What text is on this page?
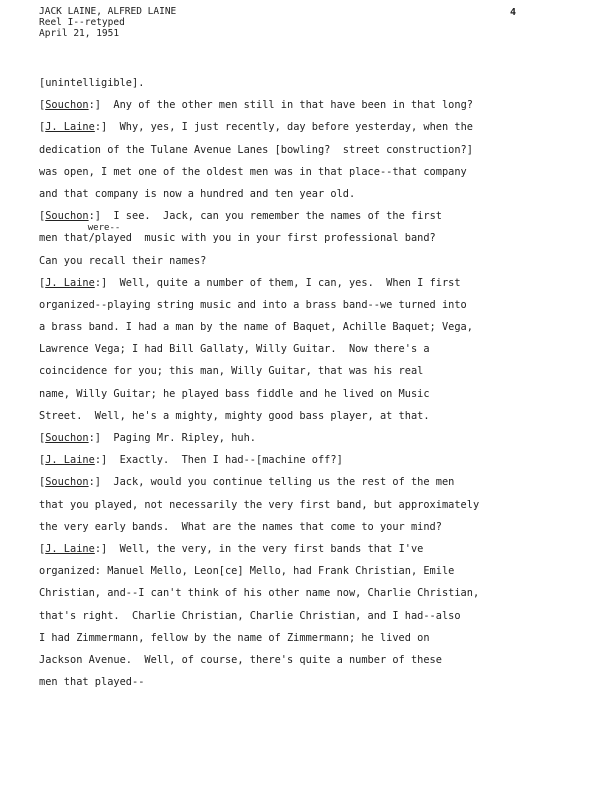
JACK LAINE, ALFRED LAINE
Reel I--retyped
April 21, 1951
4
[unintelligible].
[Souchon:]  Any of the other men still in that have been in that long?
[J. Laine:]  Why, yes, I just recently, day before yesterday, when the
dedication of the Tulane Avenue Lanes [bowling?  street construction?]
was open, I met one of the oldest men was in that place--that company
and that company is now a hundred and ten year old.
[Souchon:]  I see.  Jack, can you remember the names of the first
were--
men that/played  music with you in your first professional band?
Can you recall their names?
[J. Laine:]  Well, quite a number of them, I can, yes.  When I first
organized--playing string music and into a brass band--we turned into
a brass band. I had a man by the name of Baquet, Achille Baquet; Vega,
Lawrence Vega; I had Bill Gallaty, Willy Guitar.  Now there's a
coincidence for you; this man, Willy Guitar, that was his real
name, Willy Guitar; he played bass fiddle and he lived on Music
Street.  Well, he's a mighty, mighty good bass player, at that.
[Souchon:]  Paging Mr. Ripley, huh.
[J. Laine:]  Exactly.  Then I had--[machine off?]
[Souchon:]  Jack, would you continue telling us the rest of the men
that you played, not necessarily the very first band, but approximately
the very early bands.  What are the names that come to your mind?
[J. Laine:]  Well, the very, in the very first bands that I've
organized: Manuel Mello, Leon[ce] Mello, had Frank Christian, Emile
Christian, and--I can't think of his other name now, Charlie Christian,
that's right.  Charlie Christian, Charlie Christian, and I had--also
I had Zimmermann, fellow by the name of Zimmermann; he lived on
Jackson Avenue.  Well, of course, there's quite a number of these
men that played--
